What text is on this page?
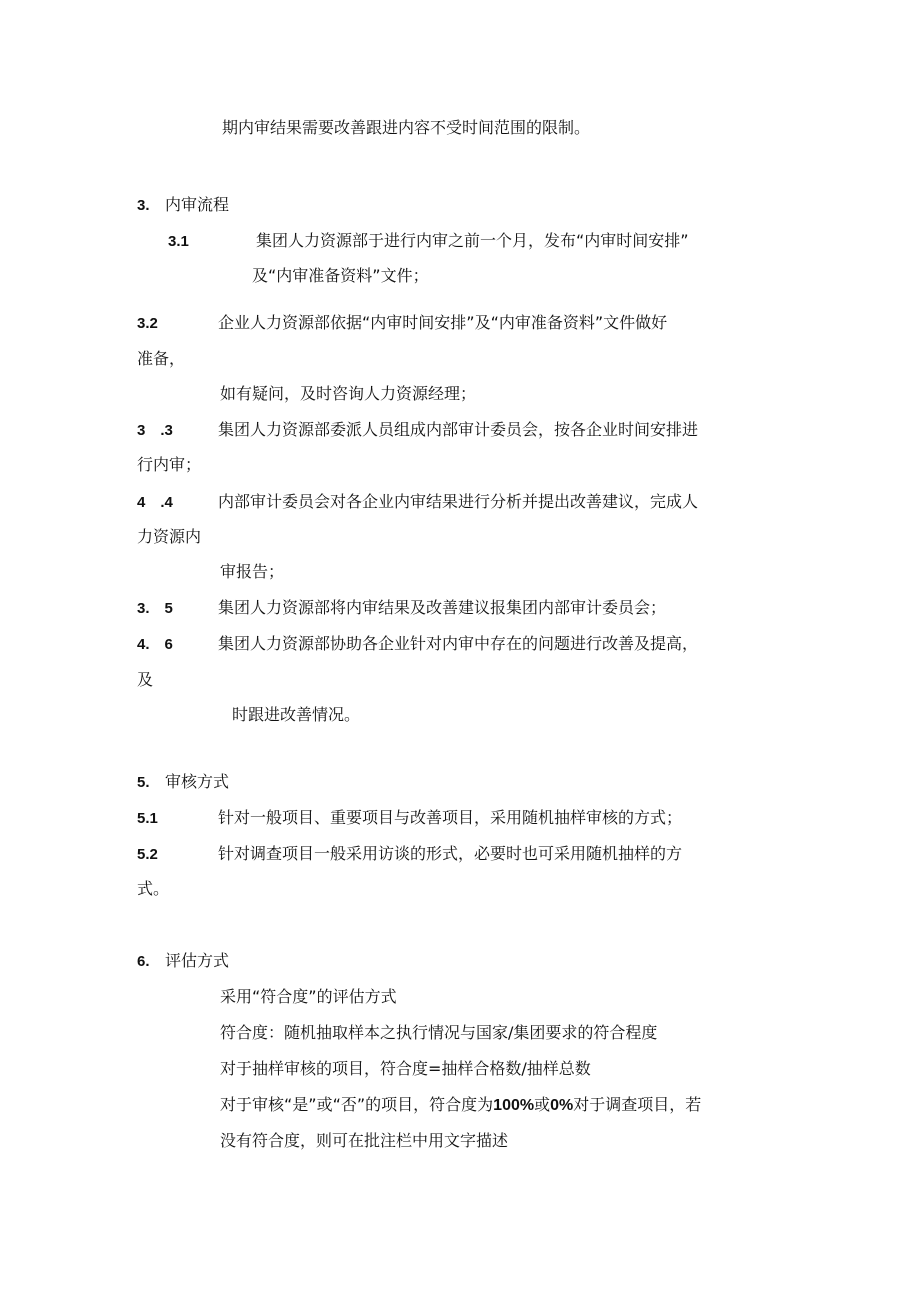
期内审结果需要改善跟进内容不受时间范围的限制。
3. 内审流程
3.1	集团人力资源部于进行内审之前一个月，发布“内审时间安排”
及“内审准备资料”文件；
3.2	企业人力资源部依据“内审时间安排”及“内审准备资料”文件做好
准备，
如有疑问，及时咨询人力资源经理；
3　.3	集团人力资源部委派人员组成内部审计委员会，按各企业时间安排进
行内审；
4　.4	内部审计委员会对各企业内审结果进行分析并提出改善建议，完成人
力资源内
审报告；
3.　5	集团人力资源部将内审结果及改善建议报集团内部审计委员会；
4.　6	集团人力资源部协助各企业针对内审中存在的问题进行改善及提高，
及
时跟进改善情况。
5. 审核方式
5.1	针对一般项目、重要项目与改善项目，采用随机抽样审核的方式；
5.2	针对调查项目一般采用访谈的形式，必要时也可采用随机抽样的方
式。
6. 评估方式
采用“符合度”的评估方式
符合度：随机抽取样本之执行情况与国家/集团要求的符合程度
对于抽样审核的项目，符合度=抽样合格数/抽样总数
对于审核“是”或“否”的项目，符合度为100%或0%对于调查项目，若
没有符合度，则可在批注栏中用文字描述
